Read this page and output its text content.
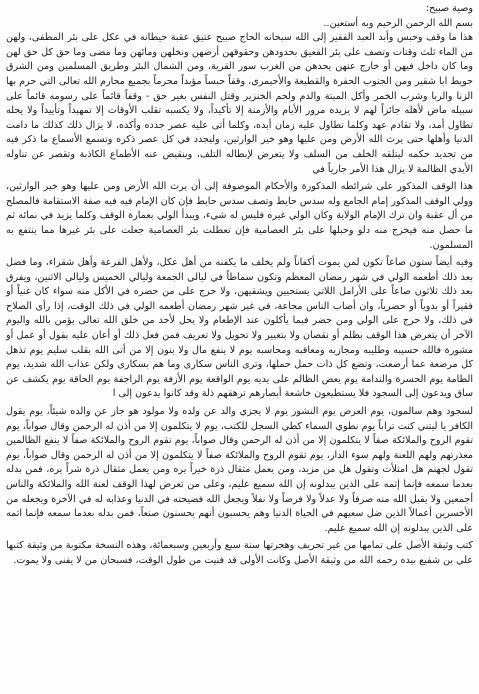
وصية صبيح:

بسم الله الرحمن الرحيم وبه أستعين..

هذا ما وقف وحبس وأبد العبد الفقير إلى الله سبحانه الحاج صبيح عتيق عقبة حيطانه في عكل على بئر المطفى، ولهن من الماء ثلث وقتات وتصف على بئر القعيق بحدودهن وحقوقهن أرضهن ونخلهن ومائهن وما مضى وما حق كل حق لهن وما كان داخل فيهن أو خارج عنهن يحدهن من الغرب سور القرية، ومن الشمال البئر وطريق المسلمين ومن الشرق حويط ابا شقير ومن الجنوب الحفرة والقطيعة والأحيمري، وقفاً حبساً مؤبداً محرماً بجميع محارم الله تعالى التي حرم بها الزنا والربا وشرب الخمر وأكل الميتة والدم ولحم الخنزير وقتل النفس بغير حق - وقفاً قائماً على رسومه قائماً على سبيله ماض لأهله جائزاً لهم لا يزيده مرور الأيام والأزمنة إلا تأكيداً، ولا يكسبه تقلب الأوقات إلا تمهيداً وتأييداً ولا يحله تطاول أمد، ولا تقادم عهد وكلما تطاول عليه زمان أبده، وكلما أتى عليه عصر جدده وأكده، لا يزال ذلك كذلك ما دامت الدنيا وأهلها حتى يرث الله الأرض ومن عليها وهو خير الوارثين، وليجدد في كل عصر ذكره وتسمع الأسماع ما ذكر فيه من تجديد حكمه ليتلقه الخلف من السلف ولا يتعرض لإبطاله التلف، وينقيض عنه الأطماع الكاذبة وتقصر عن تناوله الأيدي الظالمة لا يزال هذا الأمر جارياً في

هذا الوقف المذكور على شرائطه المذكورة والأحكام الموصوفة إلى أن يرث الله الأرض ومن عليها وهو خير الوارثين، وولي الوقف المذكور إمام الجامع وله سدس حايط وتصف سدس حايط فإن كان الإمام فيه فيه صفة الاستقامة فالمصلح من أل عقبة وان ترك الإمام الولاية وكان الولي غيره فليس له شيء، ويبدأ الولي بعمارة الوقف وكلما يزيد في نمائه ثم ما حصل منه فيخرج منه دلو وحبلها على بئر العصامية فإن تعطلت بئر العصامية جعلت على بئر غيرها مما ينتفع به المسلمون.

وفيه أيضاً ستون صاعاً تكون لمن يموت أكفاناً ولم يخلف ما يكفنه من أهل عكل، ولأهل الفرعة وأهل شقراء، وما فضل بعد ذلك أطعمه الولي في شهر رمضان المعظم وتكون سماطاً في ليالي الجمعة وليالي الخميس وليالي الاثنين، ويفرق بعد ذلك ثلاثون صاعاً على الأرامل اللاتي يستحيين ويشقيهن، ولا حرج على من حضره في الأكل منه سواء كان غنياً أو فقيراً أو بدوياً أو حضرياً، وان أصاب الناس مجاعة، في غير شهر رمضان أطعمه الولي في ذلك الوقت، إذا رأى الصلاح في ذلك، ولا حرج على الولي ومن حضر فيما يأكلون عند الإطعام ولا يحل لأحد من خلق الله تعالى يؤمن بالله واليوم الآخر أن يتعرض هذا الوقف بظلم أو نقصان ولا بتغيير ولا تحويل ولا تعريف فمن فعل ذلك أو أعان عليه بقول أو عمل أو مشورة فالله حسيبه وطليبه ومجازيه ومعاقبه ومحاسبه يوم لا ينفع مال ولا بنون إلا من أتى الله بقلب سليم يوم تذهل كل مرضعة عما أرضعت، وتضع كل ذات حمل حملها، وترى الناس سكارى وما هم بسكارى ولكن عذاب الله شديد، يوم الطامة يوم الحسرة والندامة يوم يعض الظالم على يديه يوم الواقعة يوم الأزفة يوم الراجفة يوم الحاقة يوم يكشف عن ساق ويدعون إلى السجود فلا يستطيعون خاشعة أبصارهم ترهقهم ذلة وقد كانوا يدعون إلى ا

لسجود وهم سالمون، يوم العرض يوم النشور يوم لا يجزي والد عن ولده ولا مولود هو جاز عن والده شيئاً، يوم يقول الكافر يا ليتني كنت تراباً يوم نطوي السماء كطي السجل للكتب، يوم لا يتكلمون إلا من أذن له الرحمن وقال صواباً، يوم تقوم الروح والملائكة صفاً لا يتكلمون إلا من أذن له الرحمن وقال صواباً، يوم تقوم الروح والملائكة صفاً لا ينفع الظالمين معذرتهم ولهم اللعنة ولهم سوء الدار، يوم تقوم الروح والملائكة صفاً لا يتكلمون إلا من أذن له الرحمن وقال صواباً، يوم تقول لجهنم هل امتلأت وتقول هل من مزيد، ومن يعمل مثقال ذرة خيراً يره ومن يعمل مثقال ذرة شراً يره، فمن بدله بعدما سمعه فإنما إثمه على الذين يبدلونه إن الله سميع عليم، وعلى من تعرض لهذا الوقف لعنة الله والملائكة والناس أجمعين ولا يقبل الله منه صرفاً ولا عدلاً ولا فرضاً ولا نفلاً ويجعل الله فضيحته في الدنيا وعذابه له في الآخرة ويجعله من الأخسرين أعمالاً الذين ضل سعيهم في الحياة الدنيا وهم يحسبون أنهم يحسنون صنعاً، فمن بدله بعدما سمعه فإنما اثمه على الذين يبدلونه إن الله سميع عليم.

كتب وثيقة الأصل على تمامها من غير تحريف وهجرتها سنة سبع وأربعين وسبعمائة، وهذه النسخة مكتوبة من وثيقة كتبها علي بن شفيع بيده رحمه الله من وثيقة الأصل وكانت الأولى قد فنيت من طول الوقت، فسبحان من لا يفنى ولا يموت.
